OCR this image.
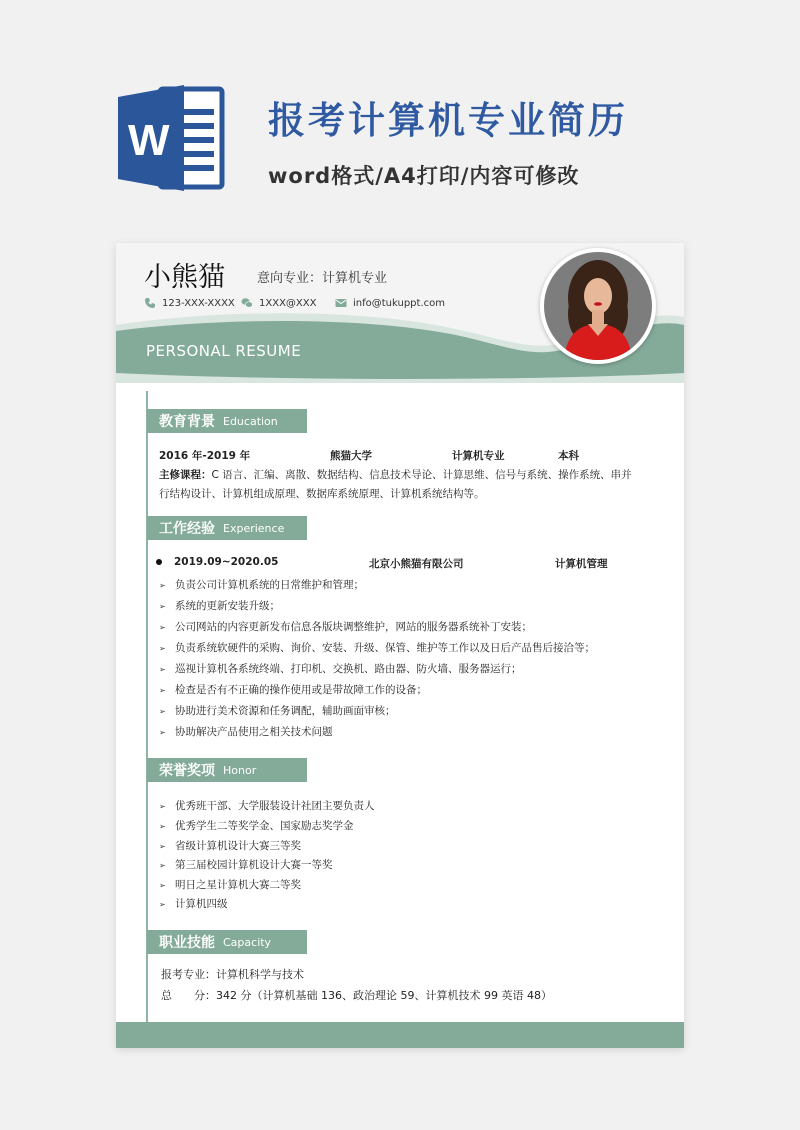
W	报考计算机专业简历
word格式/A4打印/内容可修改
小熊猫 意向专业：计算机专业
123-XXX-XXXX 1XXX@XXX	info@tukuppt.com
PERSONAL RESUME
教育背景 Education
2016 年-2019 年	熊猫大学	计算机专业	本科
主修课程：C 语言、汇编、离散、数据结构、信息技术导论、计算思维、信号与系统、操作系统、串并
行结构设计、计算机组成原理、数据库系统原理、计算机系统结构等。
工作经验 Experience
2019.09~2020.05	北京小熊猫有限公司	计算机管理
➢ 负责公司计算机系统的日常维护和管理；
➢ 系统的更新安装升级；
➢ 公司网站的内容更新发布信息各版块调整维护，网站的服务器系统补丁安装；
➢ 负责系统软硬件的采购、询价、安装、升级、保管、维护等工作以及日后产品售后接洽等；
➢ 巡视计算机各系统终端、打印机、交换机、路由器、防火墙、服务器运行；
➢ 检查是否有不正确的操作使用或是带故障工作的设备；
➢ 协助进行美术资源和任务调配，辅助画面审核；
➢ 协助解决产品使用之相关技术问题
荣誉奖项 Honor
➢ 优秀班干部、大学服装设计社团主要负责人
➢ 优秀学生二等奖学金、国家励志奖学金
➢ 省级计算机设计大赛三等奖
➢ 第三届校园计算机设计大赛一等奖
➢ 明日之星计算机大赛二等奖
➢ 计算机四级
职业技能 Capacity
报考专业：计算机科学与技术
总　　分：342 分（计算机基础 136、政治理论 59、计算机技术 99 英语 48）
